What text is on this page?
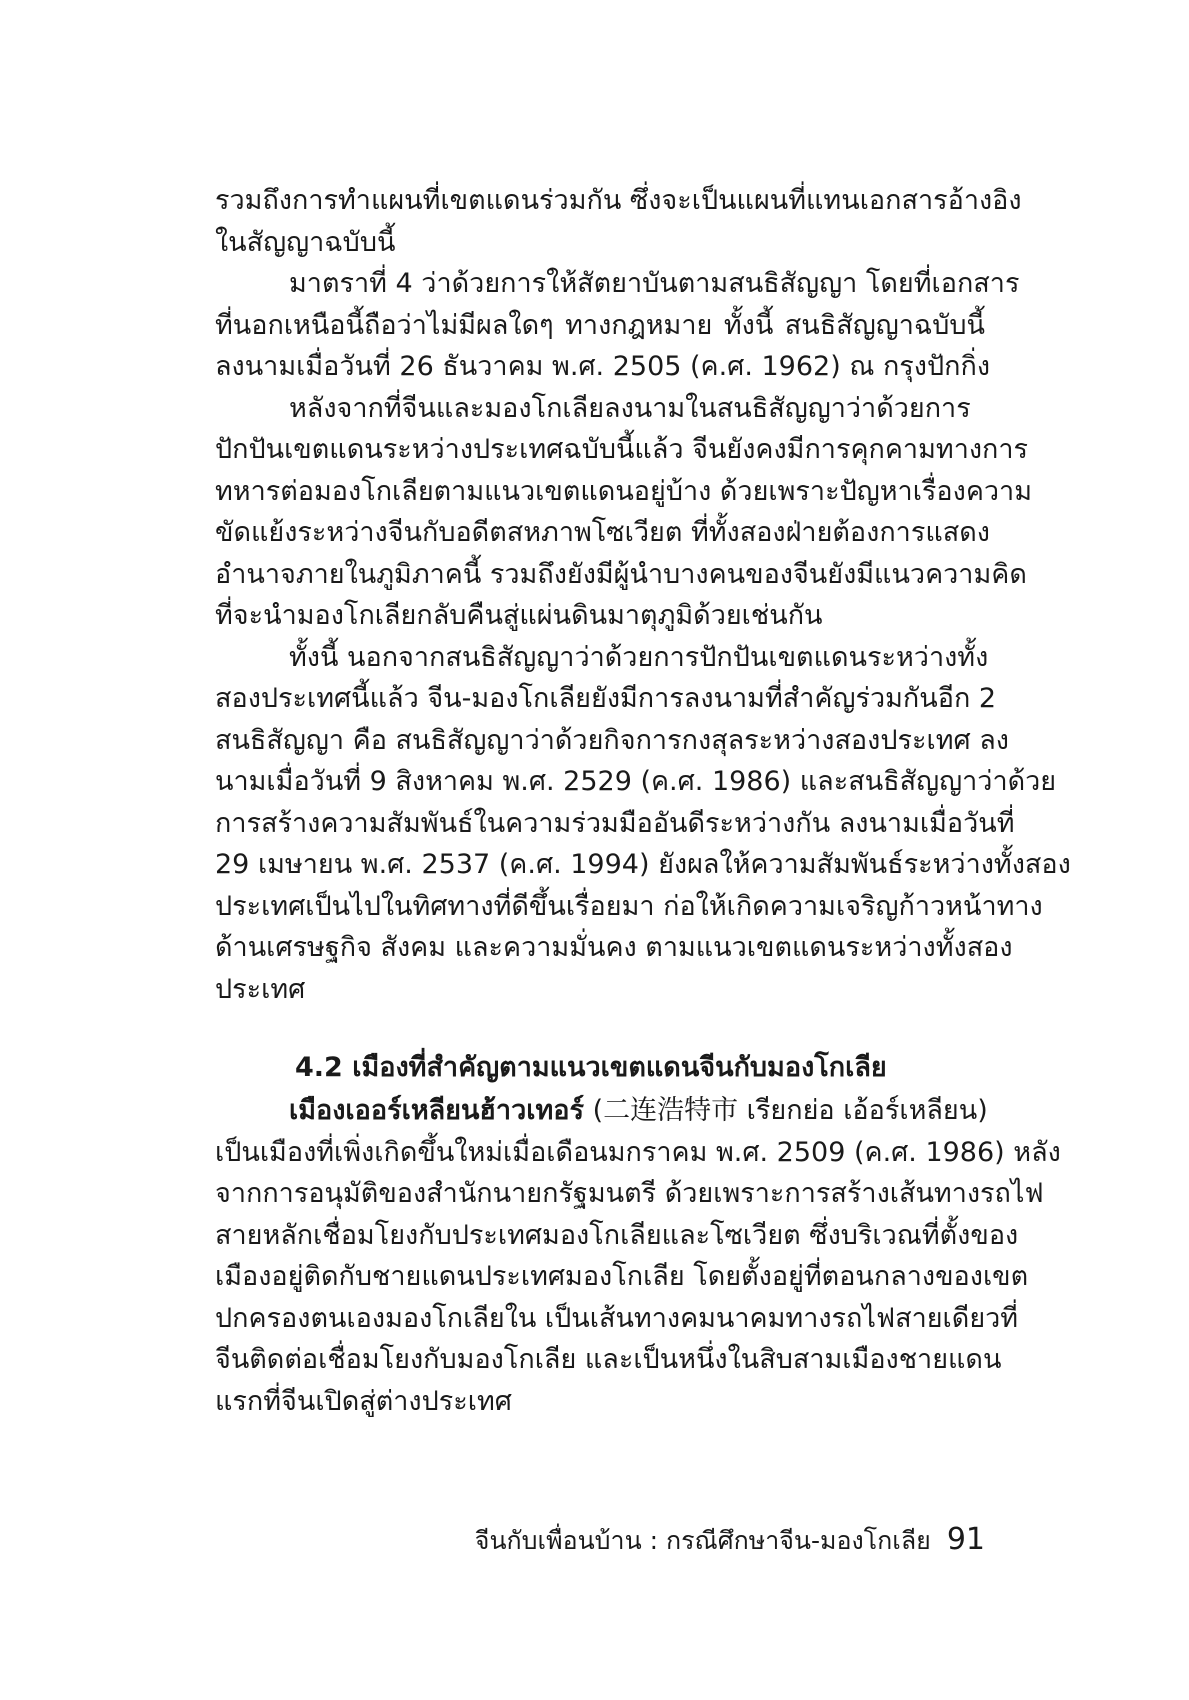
รวมถึงการทำแผนที่เขตแดนร่วมกัน ซึ่งจะเป็นแผนที่แทนเอกสารอ้างอิง
ในสัญญาฉบับนี้
มาตราที่ 4 ว่าด้วยการให้สัตยาบันตามสนธิสัญญา โดยที่เอกสาร
ที่นอกเหนือนี้ถือว่าไม่มีผลใดๆ ทางกฎหมาย ทั้งนี้ สนธิสัญญาฉบับนี้
ลงนามเมื่อวันที่ 26 ธันวาคม พ.ศ. 2505 (ค.ศ. 1962) ณ กรุงปักกิ่ง
หลังจากที่จีนและมองโกเลียลงนามในสนธิสัญญาว่าด้วยการ
ปักปันเขตแดนระหว่างประเทศฉบับนี้แล้ว จีนยังคงมีการคุกคามทางการ
ทหารต่อมองโกเลียตามแนวเขตแดนอยู่บ้าง ด้วยเพราะปัญหาเรื่องความ
ขัดแย้งระหว่างจีนกับอดีตสหภาพโซเวียต ที่ทั้งสองฝ่ายต้องการแสดง
อำนาจภายในภูมิภาคนี้ รวมถึงยังมีผู้นำบางคนของจีนยังมีแนวความคิด
ที่จะนำมองโกเลียกลับคืนสู่แผ่นดินมาตุภูมิด้วยเช่นกัน
ทั้งนี้ นอกจากสนธิสัญญาว่าด้วยการปักปันเขตแดนระหว่างทั้ง
สองประเทศนี้แล้ว จีน-มองโกเลียยังมีการลงนามที่สำคัญร่วมกันอีก 2
สนธิสัญญา คือ สนธิสัญญาว่าด้วยกิจการกงสุลระหว่างสองประเทศ ลง
นามเมื่อวันที่ 9 สิงหาคม พ.ศ. 2529 (ค.ศ. 1986) และสนธิสัญญาว่าด้วย
การสร้างความสัมพันธ์ในความร่วมมืออันดีระหว่างกัน ลงนามเมื่อวันที่
29 เมษายน พ.ศ. 2537 (ค.ศ. 1994) ยังผลให้ความสัมพันธ์ระหว่างทั้งสอง
ประเทศเป็นไปในทิศทางที่ดีขึ้นเรื่อยมา ก่อให้เกิดความเจริญก้าวหน้าทาง
ด้านเศรษฐกิจ สังคม และความมั่นคง ตามแนวเขตแดนระหว่างทั้งสอง
ประเทศ
4.2 เมืองที่สำคัญตามแนวเขตแดนจีนกับมองโกเลีย
เมืองเออร์เหลียนฮ้าวเทอร์ (二连浩特市 เรียกย่อ เอ้อร์เหลียน)
เป็นเมืองที่เพิ่งเกิดขึ้นใหม่เมื่อเดือนมกราคม พ.ศ. 2509 (ค.ศ. 1986) หลัง
จากการอนุมัติของสำนักนายกรัฐมนตรี ด้วยเพราะการสร้างเส้นทางรถไฟ
สายหลักเชื่อมโยงกับประเทศมองโกเลียและโซเวียต ซึ่งบริเวณที่ตั้งของ
เมืองอยู่ติดกับชายแดนประเทศมองโกเลีย โดยตั้งอยู่ที่ตอนกลางของเขต
ปกครองตนเองมองโกเลียใน เป็นเส้นทางคมนาคมทางรถไฟสายเดียวที่
จีนติดต่อเชื่อมโยงกับมองโกเลีย และเป็นหนึ่งในสิบสามเมืองชายแดน
แรกที่จีนเปิดสู่ต่างประเทศ
จีนกับเพื่อนบ้าน : กรณีศึกษาจีน-มองโกเลีย 91
